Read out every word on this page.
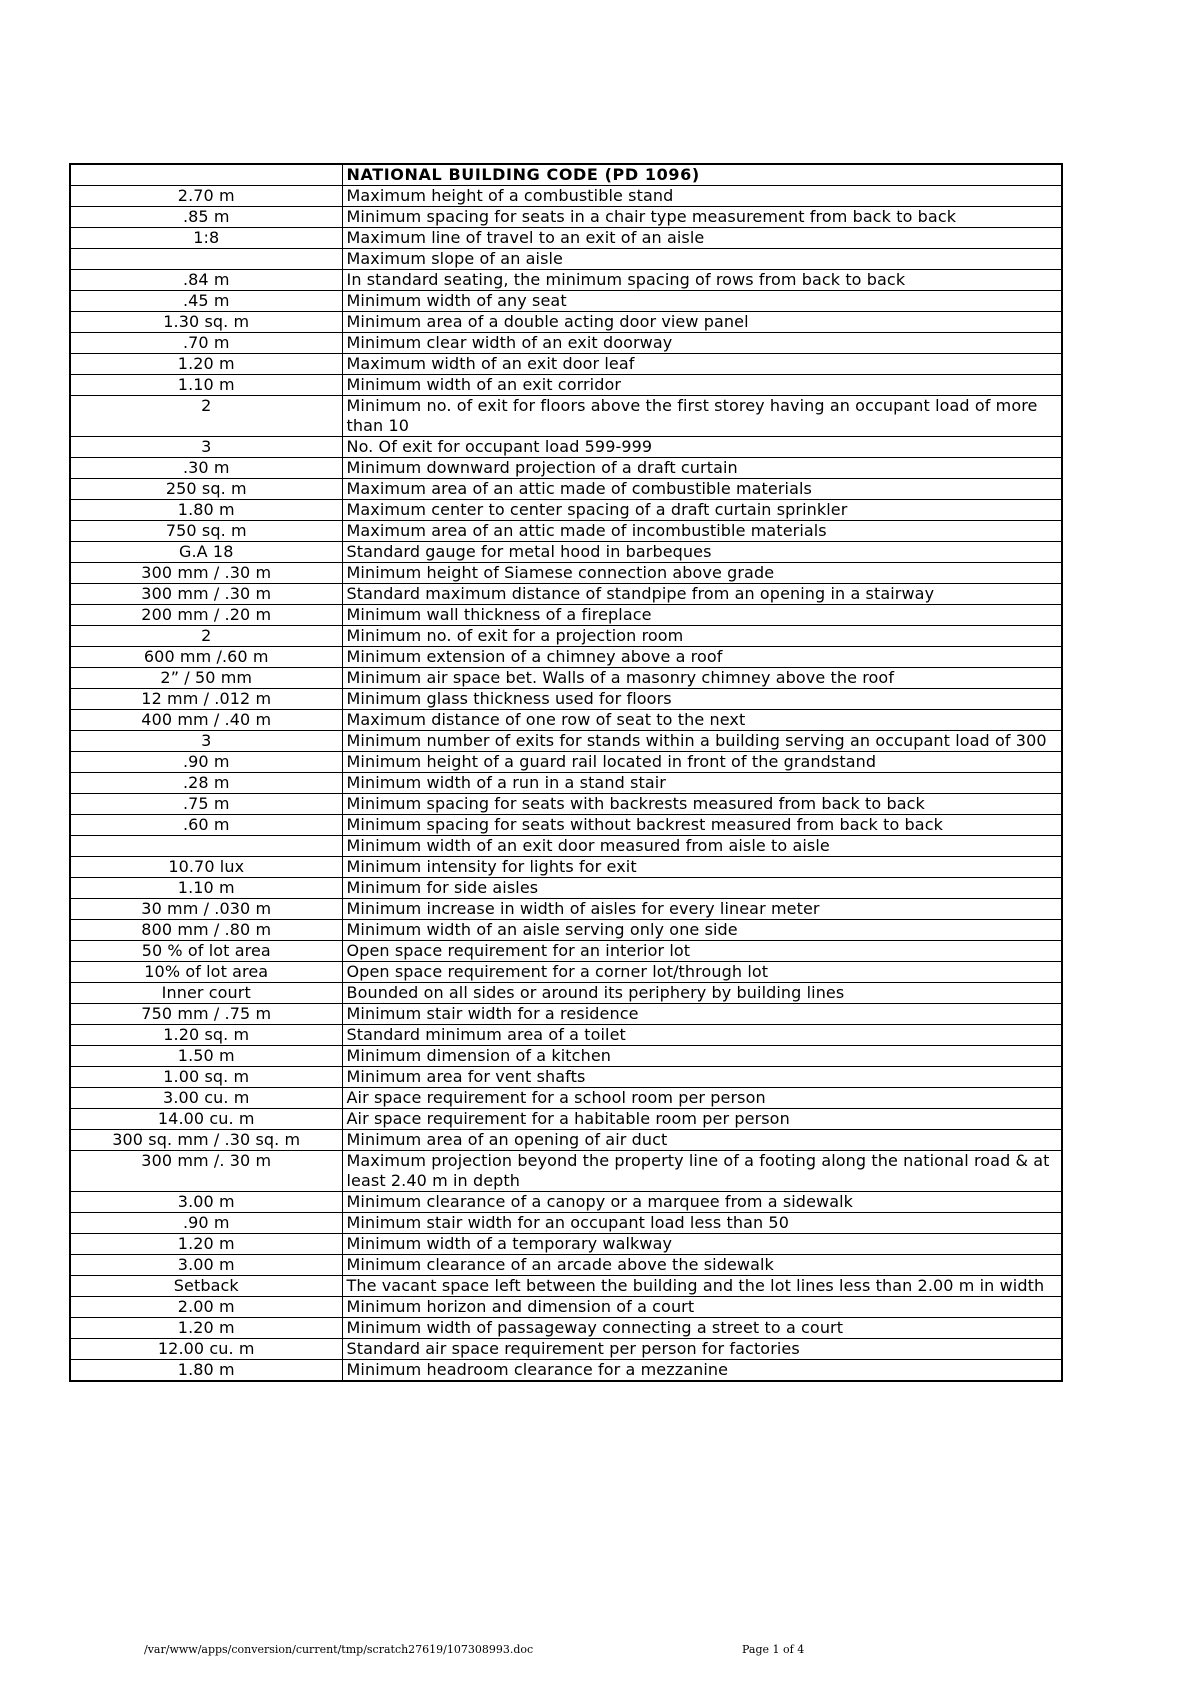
	NATIONAL BUILDING CODE (PD 1096)
2.70 m	Maximum height of a combustible stand
.85 m	Minimum spacing for seats in a chair type measurement from back to back
1:8	Maximum line of travel to an exit of an aisle
	Maximum slope of an aisle
.84 m	In standard seating, the minimum spacing of rows from back to back
.45 m	Minimum width of any seat
1.30 sq. m	Minimum area of a double acting door view panel
.70 m	Minimum clear width of an exit doorway
1.20 m	Maximum width of an exit door leaf
1.10 m	Minimum width of an exit corridor
2	Minimum no. of exit for floors above the first storey having an occupant load of more than 10
3	No. Of exit for occupant load 599-999
.30 m	Minimum downward projection of a draft curtain
250 sq. m	Maximum area of an attic made of combustible materials
1.80 m	Maximum center to center spacing of a draft curtain sprinkler
750 sq. m	Maximum area of an attic made of incombustible materials
G.A 18	Standard gauge for metal hood in barbeques
300 mm / .30 m	Minimum height of Siamese connection above grade
300 mm / .30 m	Standard maximum distance of standpipe from an opening in a stairway
200 mm / .20 m	Minimum wall thickness of a fireplace
2	Minimum no. of exit for a projection room
600 mm /.60 m	Minimum extension of a chimney above a roof
2” / 50 mm	Minimum air space bet. Walls of a masonry chimney above the roof
12 mm / .012 m	Minimum glass thickness used for floors
400 mm / .40 m	Maximum distance of one row of seat to the next
3	Minimum number of exits for stands within a building serving an occupant load of 300
.90 m	Minimum height of a guard rail located in front of the grandstand
.28 m	Minimum width of a run in a stand stair
.75 m	Minimum spacing for seats with backrests measured from back to back
.60 m	Minimum spacing for seats without backrest measured from back to back
	Minimum width of an exit door measured from aisle to aisle
10.70 lux	Minimum intensity for lights for exit
1.10 m	Minimum for side aisles
30 mm / .030 m	Minimum increase in width of aisles for every linear meter
800 mm / .80 m	Minimum width of an aisle serving only one side
50 % of lot area	Open space requirement for an interior lot
10% of lot area	Open space requirement for a corner lot/through lot
Inner court	Bounded on all sides or around its periphery by building lines
750 mm / .75 m	Minimum stair width for a residence
1.20 sq. m	Standard minimum area of a toilet
1.50 m	Minimum dimension of a kitchen
1.00 sq. m	Minimum area for vent shafts
3.00 cu. m	Air space requirement for a school room per person
14.00 cu. m	Air space requirement for a habitable room per person
300 sq. mm / .30 sq. m	Minimum area of an opening of air duct
300 mm /. 30 m	Maximum projection beyond the property line of a footing along the national road & at least 2.40 m in depth
3.00 m	Minimum clearance of a canopy or a marquee from a sidewalk
.90 m	Minimum stair width for an occupant load less than 50
1.20 m	Minimum width of a temporary walkway
3.00 m	Minimum clearance of an arcade above the sidewalk
Setback	The vacant space left between the building and the lot lines less than 2.00 m in width
2.00 m	Minimum horizon and dimension of a court
1.20 m	Minimum width of passageway connecting a street to a court
12.00 cu. m	Standard air space requirement per person for factories
1.80 m	Minimum headroom clearance for a mezzanine
/var/www/apps/conversion/current/tmp/scratch27619/107308993.doc	Page 1 of 4
